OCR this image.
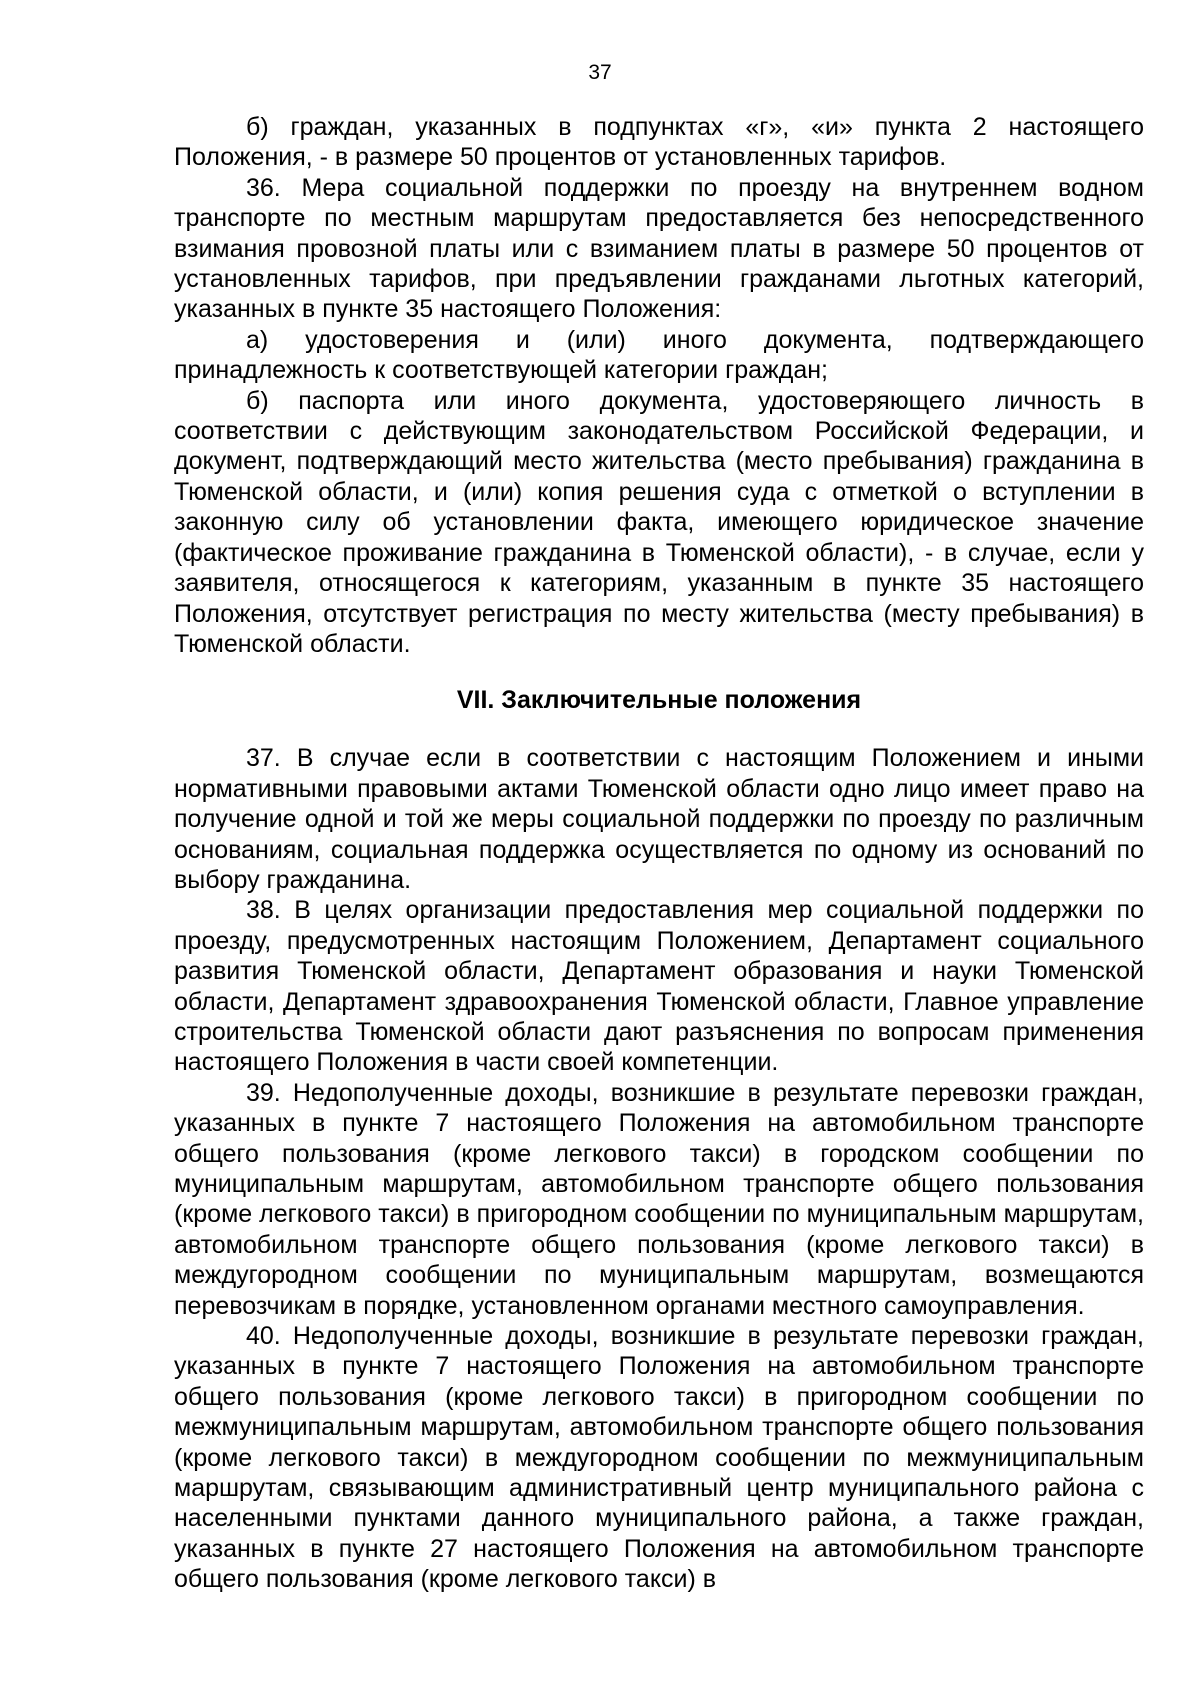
37

б) граждан, указанных в подпунктах «г», «и» пункта 2 настоящего Положения, - в размере 50 процентов от установленных тарифов.

36. Мера социальной поддержки по проезду на внутреннем водном транспорте по местным маршрутам предоставляется без непосредственного взимания провозной платы или с взиманием платы в размере 50 процентов от установленных тарифов, при предъявлении гражданами льготных категорий, указанных в пункте 35 настоящего Положения:

а) удостоверения и (или) иного документа, подтверждающего принадлежность к соответствующей категории граждан;

б) паспорта или иного документа, удостоверяющего личность в соответствии с действующим законодательством Российской Федерации, и документ, подтверждающий место жительства (место пребывания) гражданина в Тюменской области, и (или) копия решения суда с отметкой о вступлении в законную силу об установлении факта, имеющего юридическое значение (фактическое проживание гражданина в Тюменской области), - в случае, если у заявителя, относящегося к категориям, указанным в пункте 35 настоящего Положения, отсутствует регистрация по месту жительства (месту пребывания) в Тюменской области.

VII. Заключительные положения

37. В случае если в соответствии с настоящим Положением и иными нормативными правовыми актами Тюменской области одно лицо имеет право на получение одной и той же меры социальной поддержки по проезду по различным основаниям, социальная поддержка осуществляется по одному из оснований по выбору гражданина.

38. В целях организации предоставления мер социальной поддержки по проезду, предусмотренных настоящим Положением, Департамент социального развития Тюменской области, Департамент образования и науки Тюменской области, Департамент здравоохранения Тюменской области, Главное управление строительства Тюменской области дают разъяснения по вопросам применения настоящего Положения в части своей компетенции.

39. Недополученные доходы, возникшие в результате перевозки граждан, указанных в пункте 7 настоящего Положения на автомобильном транспорте общего пользования (кроме легкового такси) в городском сообщении по муниципальным маршрутам, автомобильном транспорте общего пользования (кроме легкового такси) в пригородном сообщении по муниципальным маршрутам, автомобильном транспорте общего пользования (кроме легкового такси) в междугородном сообщении по муниципальным маршрутам, возмещаются перевозчикам в порядке, установленном органами местного самоуправления.

40. Недополученные доходы, возникшие в результате перевозки граждан, указанных в пункте 7 настоящего Положения на автомобильном транспорте общего пользования (кроме легкового такси) в пригородном сообщении по межмуниципальным маршрутам, автомобильном транспорте общего пользования (кроме легкового такси) в междугородном сообщении по межмуниципальным маршрутам, связывающим административный центр муниципального района с населенными пунктами данного муниципального района, а также граждан, указанных в пункте 27 настоящего Положения на автомобильном транспорте общего пользования (кроме легкового такси) в
